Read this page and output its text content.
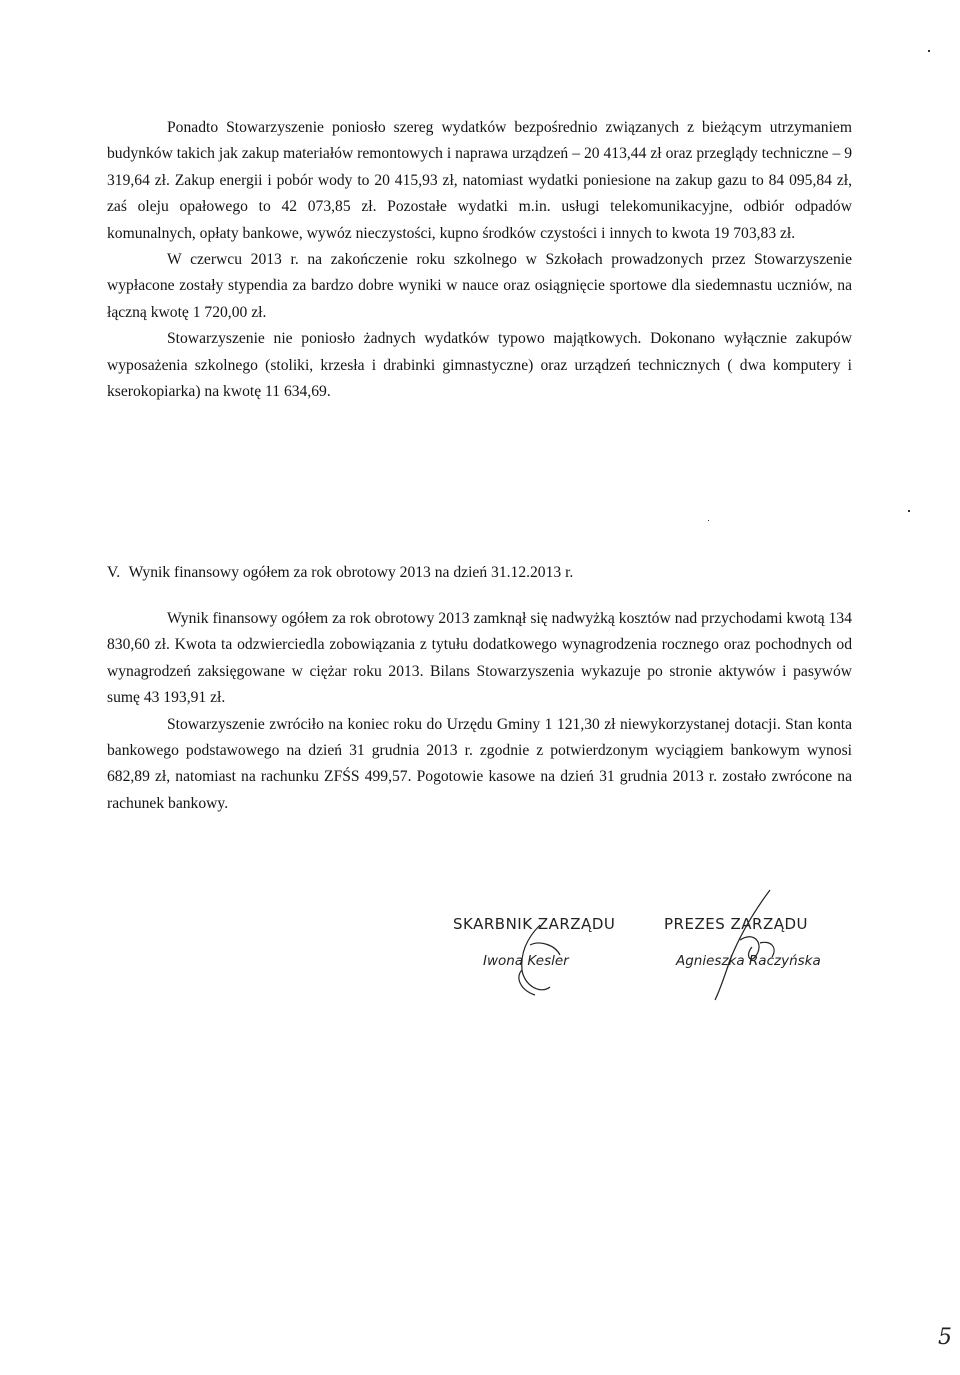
Ponadto Stowarzyszenie poniosło szereg wydatków bezpośrednio związanych z bieżącym utrzymaniem budynków takich jak zakup materiałów remontowych i naprawa urządzeń – 20 413,44 zł oraz przeglądy techniczne – 9 319,64 zł. Zakup energii i pobór wody to 20 415,93 zł, natomiast wydatki poniesione na zakup gazu to 84 095,84 zł, zaś oleju opałowego to 42 073,85 zł. Pozostałe wydatki m.in. usługi telekomunikacyjne, odbiór odpadów komunalnych, opłaty bankowe, wywóz nieczystości, kupno środków czystości i innych to kwota 19 703,83 zł.

W czerwcu 2013 r. na zakończenie roku szkolnego w Szkołach prowadzonych przez Stowarzyszenie wypłacone zostały stypendia za bardzo dobre wyniki w nauce oraz osiągnięcie sportowe dla siedemnastu uczniów, na łączną kwotę 1 720,00 zł.

Stowarzyszenie nie poniosło żadnych wydatków typowo majątkowych. Dokonano wyłącznie zakupów wyposażenia szkolnego (stoliki, krzesła i drabinki gimnastyczne) oraz urządzeń technicznych ( dwa komputery i kserokopiarka) na kwotę 11 634,69.

V. Wynik finansowy ogółem za rok obrotowy 2013 na dzień 31.12.2013 r.

Wynik finansowy ogółem za rok obrotowy 2013 zamknął się nadwyżką kosztów nad przychodami kwotą 134 830,60 zł. Kwota ta odzwierciedla zobowiązania z tytułu dodatkowego wynagrodzenia rocznego oraz pochodnych od wynagrodzeń zaksięgowane w ciężar roku 2013. Bilans Stowarzyszenia wykazuje po stronie aktywów i pasywów sumę 43 193,91 zł.

Stowarzyszenie zwróciło na koniec roku do Urzędu Gminy 1 121,30 zł niewykorzystanej dotacji. Stan konta bankowego podstawowego na dzień 31 grudnia 2013 r. zgodnie z potwierdzonym wyciągiem bankowym wynosi 682,89 zł, natomiast na rachunku ZFŚS 499,57. Pogotowie kasowe na dzień 31 grudnia 2013 r. zostało zwrócone na rachunek bankowy.

SKARBNIK ZARZĄDU
Iwona Kesler
PREZES ZARZĄDU
Agnieszka Raczyńska
5
